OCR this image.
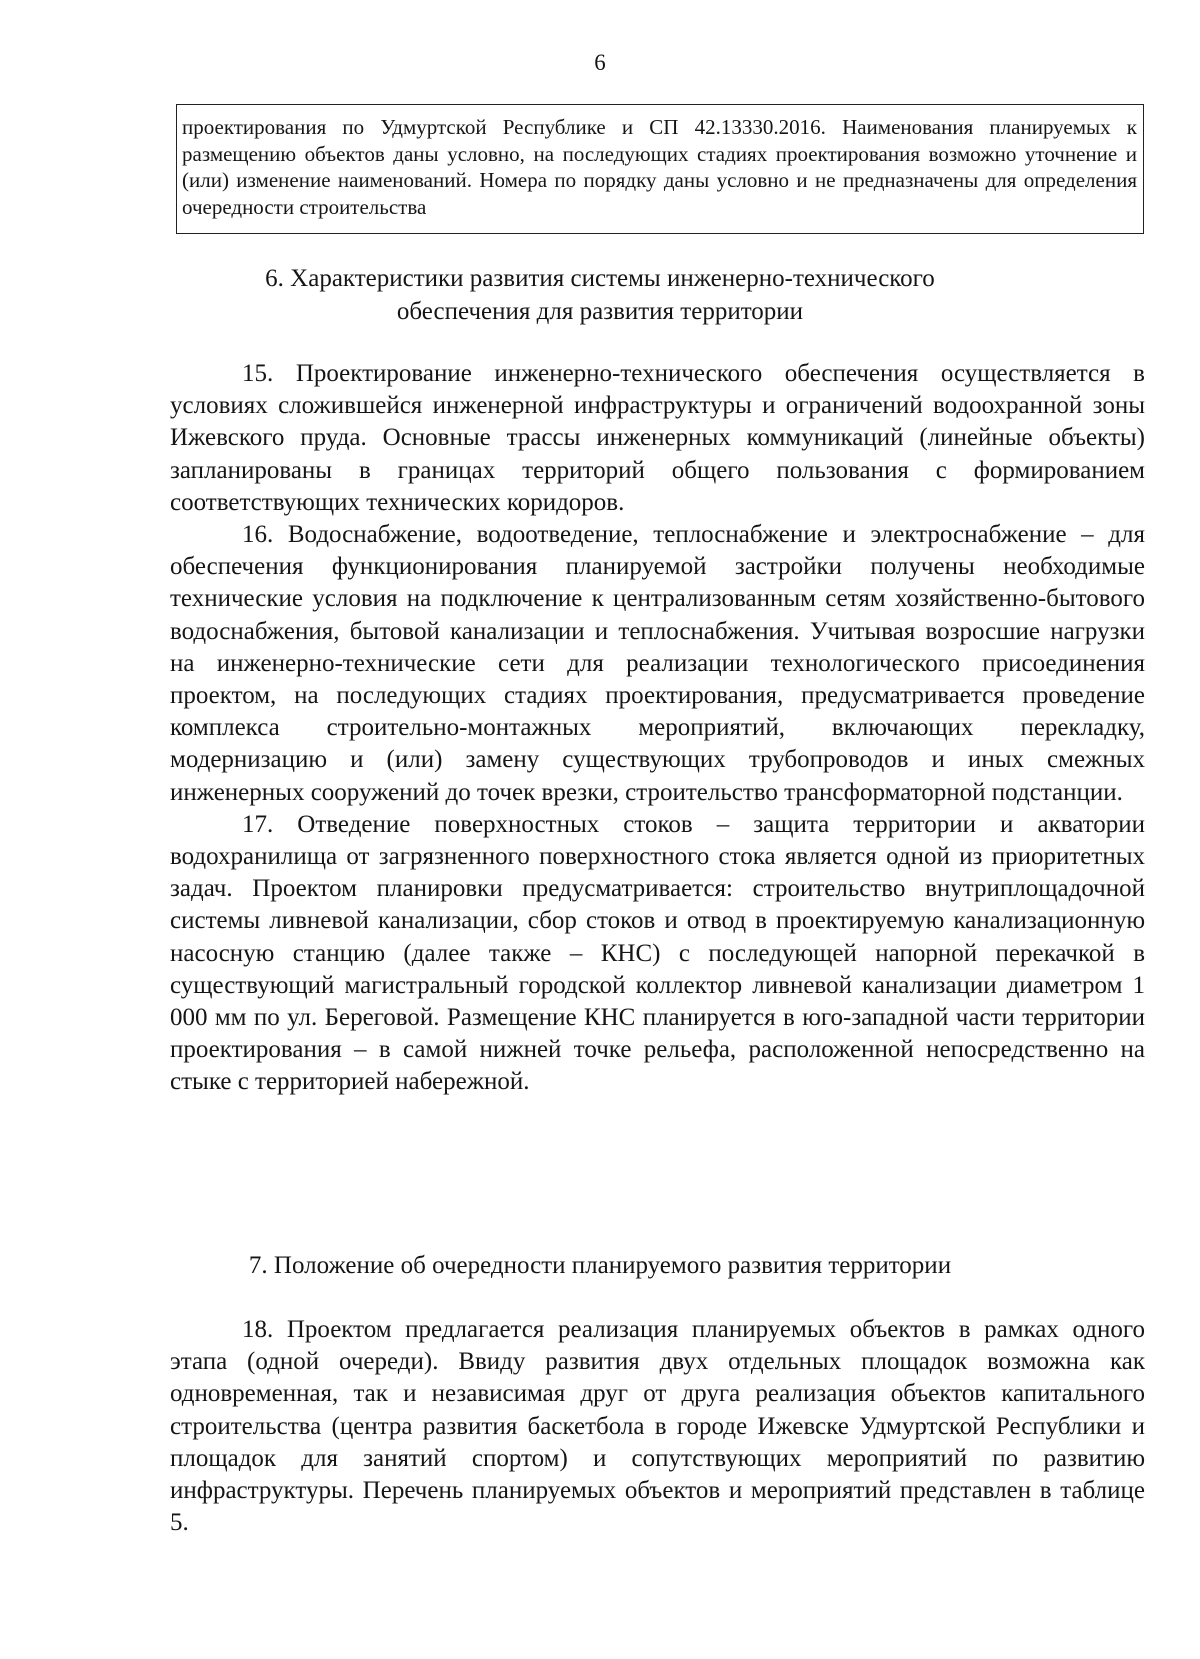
6
проектирования по Удмуртской Республике и СП 42.13330.2016. Наименования планируемых к размещению объектов даны условно, на последующих стадиях проектирования возможно уточнение и (или) изменение наименований. Номера по порядку даны условно и не предназначены для определения очередности строительства
6. Характеристики развития системы инженерно-технического
обеспечения для развития территории

15. Проектирование инженерно-технического обеспечения осуществляется в условиях сложившейся инженерной инфраструктуры и ограничений водоохранной зоны Ижевского пруда. Основные трассы инженерных коммуникаций (линейные объекты) запланированы в границах территорий общего пользования с формированием соответствующих технических коридоров.

16. Водоснабжение, водоотведение, теплоснабжение и электроснабжение – для обеспечения функционирования планируемой застройки получены необходимые технические условия на подключение к централизованным сетям хозяйственно-бытового водоснабжения, бытовой канализации и теплоснабжения. Учитывая возросшие нагрузки на инженерно-технические сети для реализации технологического присоединения проектом, на последующих стадиях проектирования, предусматривается проведение комплекса строительно-монтажных мероприятий, включающих перекладку, модернизацию и (или) замену существующих трубопроводов и иных смежных инженерных сооружений до точек врезки, строительство трансформаторной подстанции.

17. Отведение поверхностных стоков – защита территории и акватории водохранилища от загрязненного поверхностного стока является одной из приоритетных задач. Проектом планировки предусматривается: строительство внутриплощадочной системы ливневой канализации, сбор стоков и отвод в проектируемую канализационную насосную станцию (далее также – КНС) с последующей напорной перекачкой в существующий магистральный городской коллектор ливневой канализации диаметром 1 000 мм по ул. Береговой. Размещение КНС планируется в юго-западной части территории проектирования – в самой нижней точке рельефа, расположенной непосредственно на стыке с территорией набережной.

7. Положение об очередности планируемого развития территории

18. Проектом предлагается реализация планируемых объектов в рамках одного этапа (одной очереди). Ввиду развития двух отдельных площадок возможна как одновременная, так и независимая друг от друга реализация объектов капитального строительства (центра развития баскетбола в городе Ижевске Удмуртской Республики и площадок для занятий спортом) и сопутствующих мероприятий по развитию инфраструктуры. Перечень планируемых объектов и мероприятий представлен в таблице 5.
